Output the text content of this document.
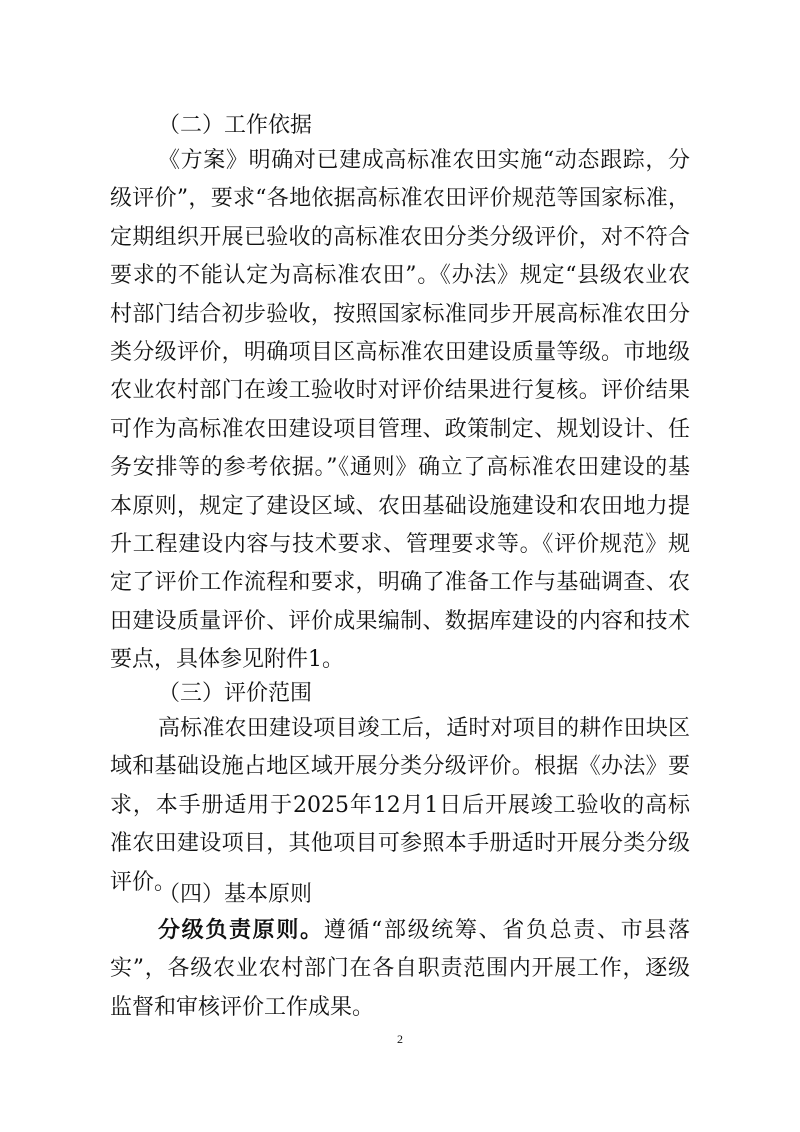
（二）工作依据

《方案》明确对已建成高标准农田实施“动态跟踪，分级评价”，要求“各地依据高标准农田评价规范等国家标准，定期组织开展已验收的高标准农田分类分级评价，对不符合要求的不能认定为高标准农田”。《办法》规定“县级农业农村部门结合初步验收，按照国家标准同步开展高标准农田分类分级评价，明确项目区高标准农田建设质量等级。市地级农业农村部门在竣工验收时对评价结果进行复核。评价结果可作为高标准农田建设项目管理、政策制定、规划设计、任务安排等的参考依据。”《通则》确立了高标准农田建设的基本原则，规定了建设区域、农田基础设施建设和农田地力提升工程建设内容与技术要求、管理要求等。《评价规范》规定了评价工作流程和要求，明确了准备工作与基础调查、农田建设质量评价、评价成果编制、数据库建设的内容和技术要点，具体参见附件1。

（三）评价范围

高标准农田建设项目竣工后，适时对项目的耕作田块区域和基础设施占地区域开展分类分级评价。根据《办法》要求，本手册适用于2025年12月1日后开展竣工验收的高标准农田建设项目，其他项目可参照本手册适时开展分类分级评价。

（四）基本原则

分级负责原则。遵循“部级统筹、省负总责、市县落实”，各级农业农村部门在各自职责范围内开展工作，逐级监督和审核评价工作成果。

2
